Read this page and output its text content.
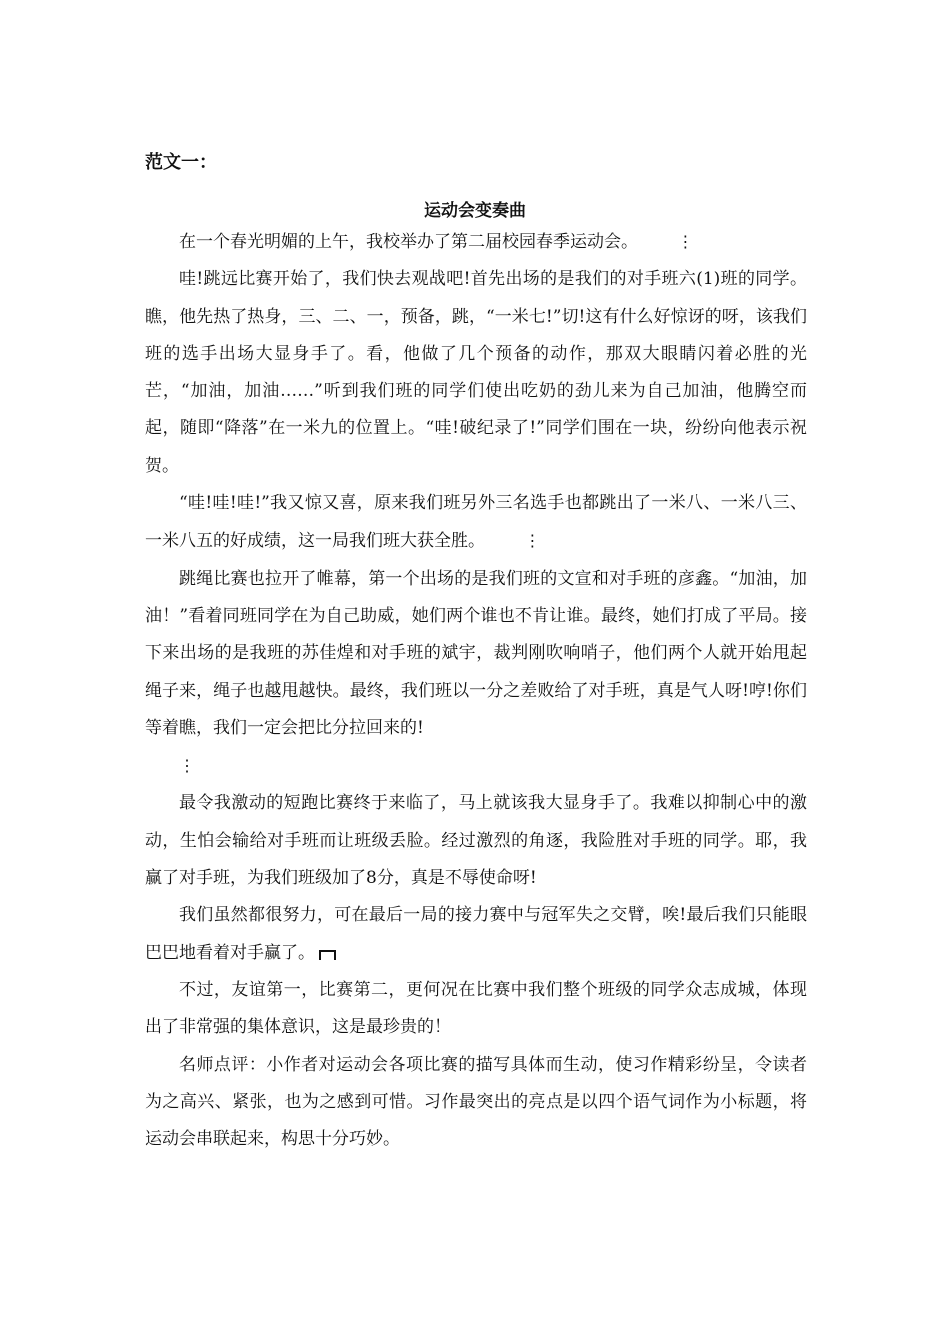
范文一：
运动会变奏曲

在一个春光明媚的上午，我校举办了第二届校园春季运动会。 ⋮

哇!跳远比赛开始了，我们快去观战吧!首先出场的是我们的对手班六(1)班的同学。瞧，他先热了热身，三、二、一，预备，跳，“一米七!”切!这有什么好惊讶的呀，该我们班的选手出场大显身手了。看，他做了几个预备的动作，那双大眼睛闪着必胜的光芒，“加油，加油……”听到我们班的同学们使出吃奶的劲儿来为自己加油，他腾空而起，随即“降落”在一米九的位置上。“哇!破纪录了!”同学们围在一块，纷纷向他表示祝贺。

“哇!哇!哇!”我又惊又喜，原来我们班另外三名选手也都跳出了一米八、一米八三、一米八五的好成绩，这一局我们班大获全胜。 ⋮

跳绳比赛也拉开了帷幕，第一个出场的是我们班的文宣和对手班的彦鑫。“加油，加油！”看着同班同学在为自己助威，她们两个谁也不肯让谁。最终，她们打成了平局。接下来出场的是我班的苏佳煌和对手班的斌宇，裁判刚吹响哨子，他们两个人就开始甩起绳子来，绳子也越甩越快。最终，我们班以一分之差败给了对手班，真是气人呀!哼!你们等着瞧，我们一定会把比分拉回来的!
⋮

最令我激动的短跑比赛终于来临了，马上就该我大显身手了。我难以抑制心中的激动，生怕会输给对手班而让班级丢脸。经过激烈的角逐，我险胜对手班的同学。耶，我赢了对手班，为我们班级加了8分，真是不辱使命呀!

我们虽然都很努力，可在最后一局的接力赛中与冠军失之交臂，唉!最后我们只能眼巴巴地看着对手赢了。

不过，友谊第一，比赛第二，更何况在比赛中我们整个班级的同学众志成城，体现出了非常强的集体意识，这是最珍贵的！

名师点评：小作者对运动会各项比赛的描写具体而生动，使习作精彩纷呈，令读者为之高兴、紧张，也为之感到可惜。习作最突出的亮点是以四个语气词作为小标题，将运动会串联起来，构思十分巧妙。
